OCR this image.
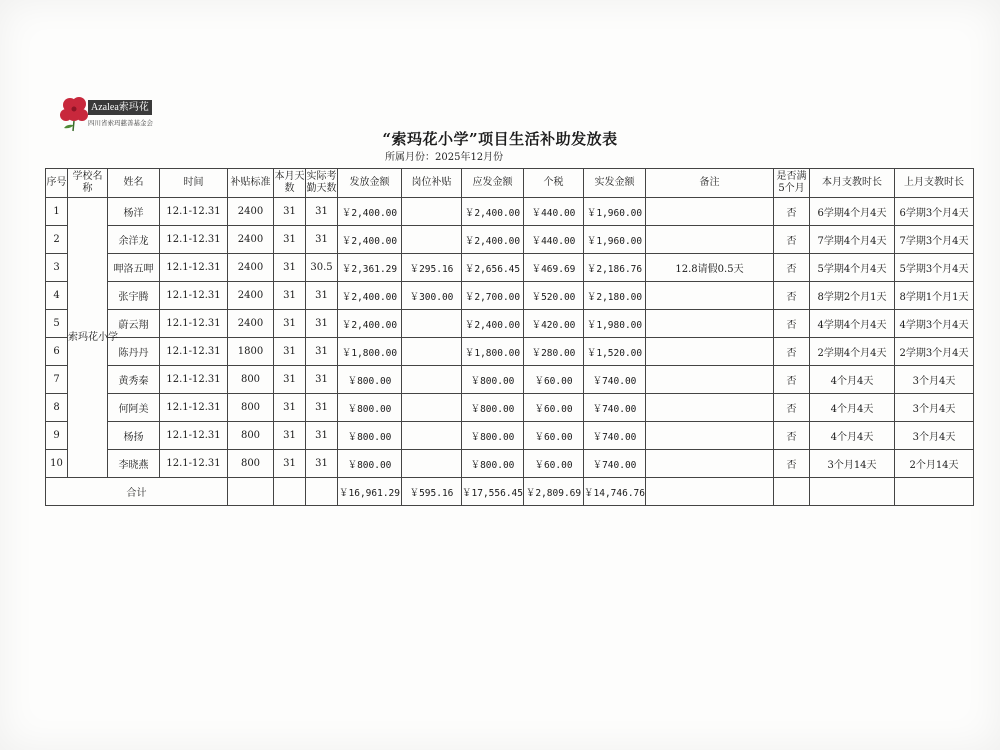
Azalea索玛花
四川省索玛慈善基金会
“索玛花小学”项目生活补助发放表
所属月份：2025年12月份
序号	学校名称	姓名	时间	补贴标准	本月天数	实际考勤天数	发放金额	岗位补贴	应发金额	个税	实发金额	备注	是否满5个月	本月支教时长	上月支教时长
1	索玛花小学	杨洋	12.1-12.31	2400	31	31	￥2,400.00		￥2,400.00	￥440.00	￥1,960.00		否	6学期4个月4天	6学期3个月4天
2		余洋龙	12.1-12.31	2400	31	31	￥2,400.00		￥2,400.00	￥440.00	￥1,960.00		否	7学期4个月4天	7学期3个月4天
3		呷洛五呷	12.1-12.31	2400	31	30.5	￥2,361.29	￥295.16	￥2,656.45	￥469.69	￥2,186.76	12.8请假0.5天	否	5学期4个月4天	5学期3个月4天
4		张宇腾	12.1-12.31	2400	31	31	￥2,400.00	￥300.00	￥2,700.00	￥520.00	￥2,180.00		否	8学期2个月1天	8学期1个月1天
5		蔚云翔	12.1-12.31	2400	31	31	￥2,400.00		￥2,400.00	￥420.00	￥1,980.00		否	4学期4个月4天	4学期3个月4天
6		陈丹丹	12.1-12.31	1800	31	31	￥1,800.00		￥1,800.00	￥280.00	￥1,520.00		否	2学期4个月4天	2学期3个月4天
7		黄秀秦	12.1-12.31	800	31	31	￥800.00		￥800.00	￥60.00	￥740.00		否	4个月4天	3个月4天
8		何阿美	12.1-12.31	800	31	31	￥800.00		￥800.00	￥60.00	￥740.00		否	4个月4天	3个月4天
9		杨扬	12.1-12.31	800	31	31	￥800.00		￥800.00	￥60.00	￥740.00		否	4个月4天	3个月4天
10		李晓燕	12.1-12.31	800	31	31	￥800.00		￥800.00	￥60.00	￥740.00		否	3个月14天	2个月14天
合计							￥16,961.29	￥595.16	￥17,556.45	￥2,809.69	￥14,746.76				
